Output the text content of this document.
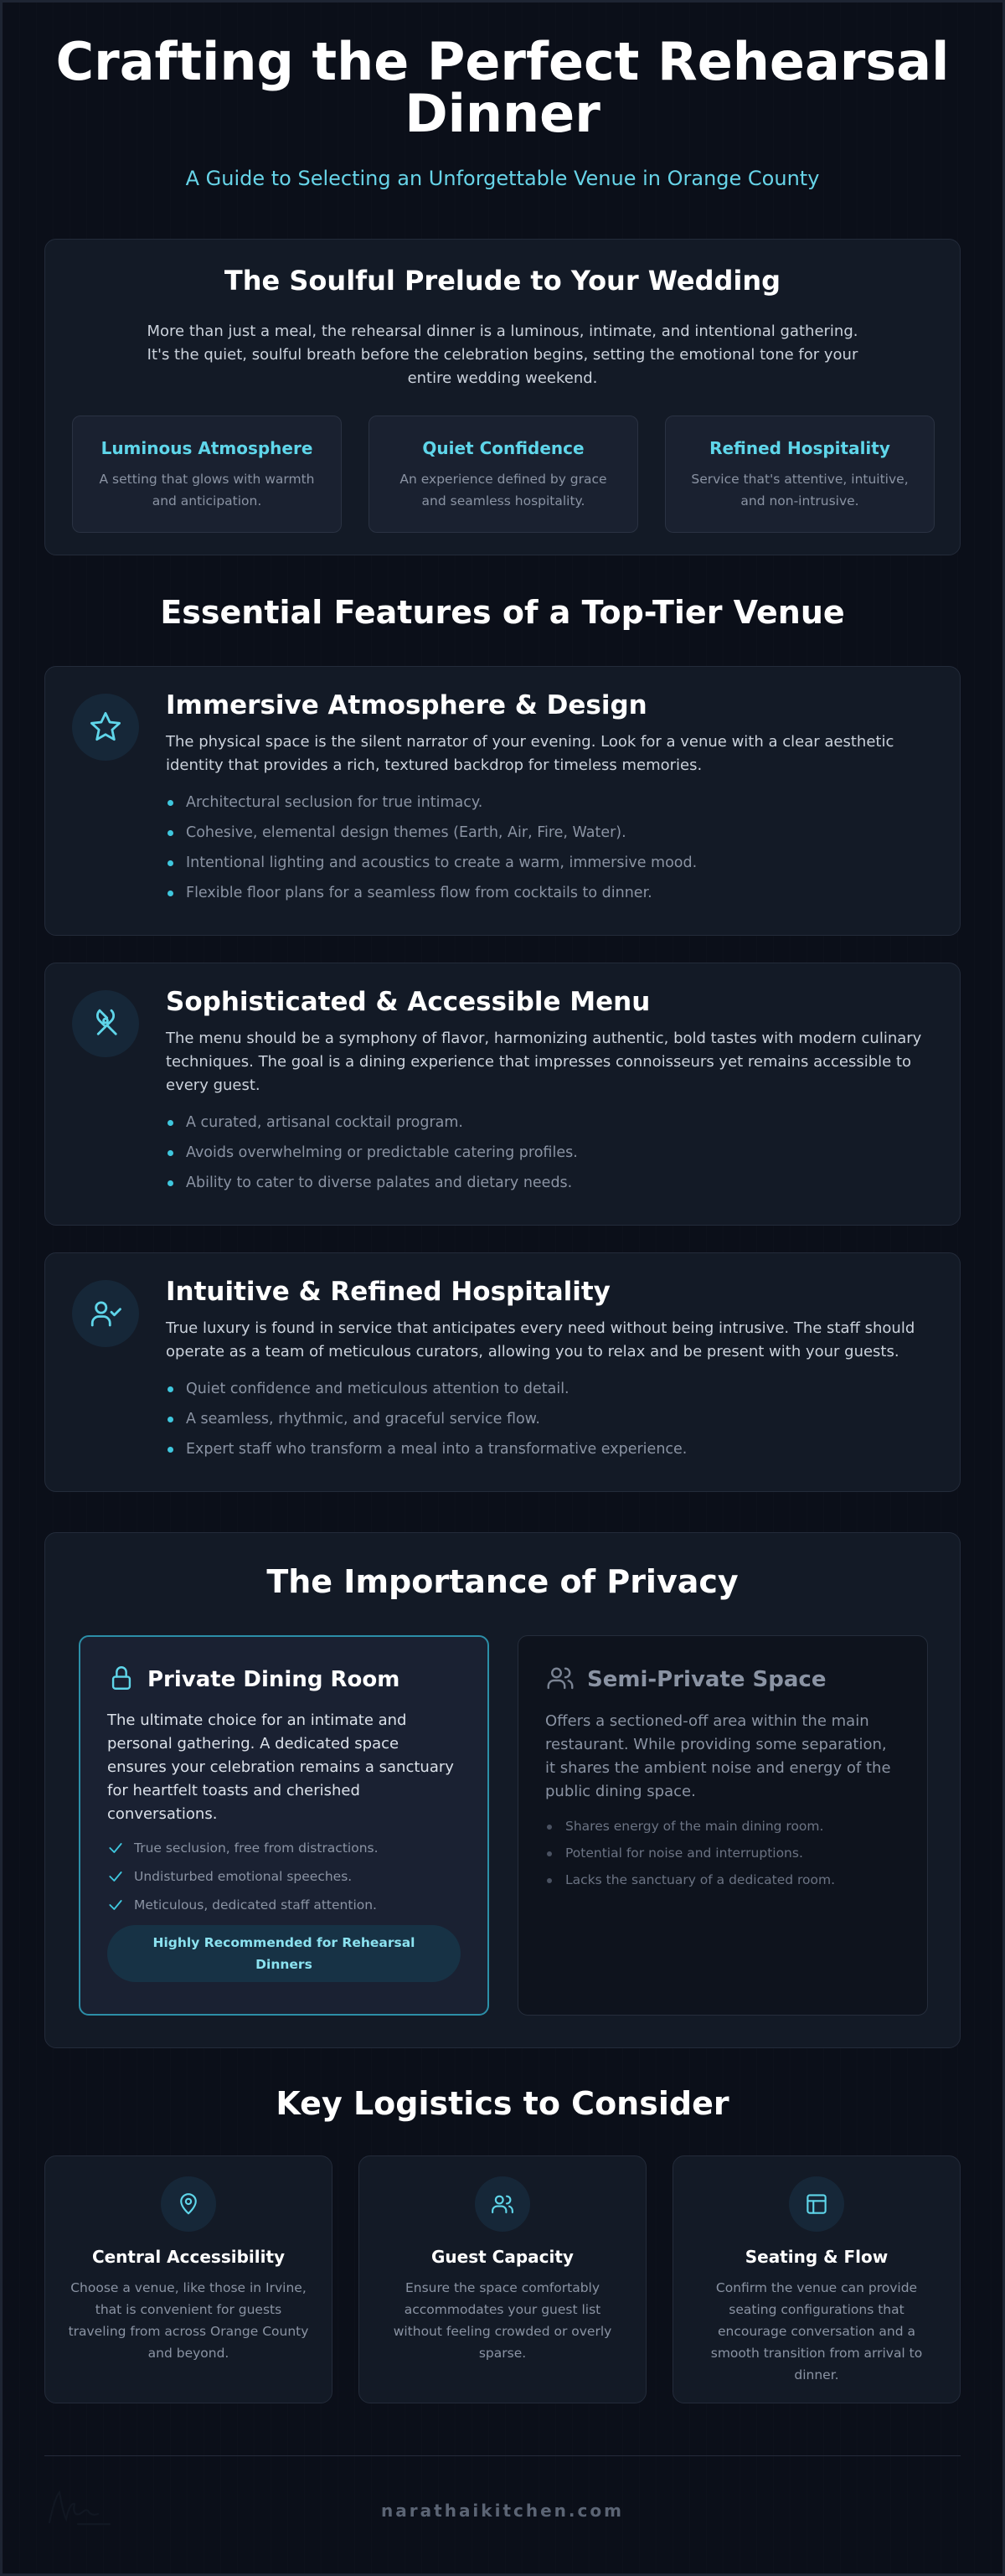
Crafting the Perfect Rehearsal Dinner
A Guide to Selecting an Unforgettable Venue in Orange County
The Soulful Prelude to Your Wedding

More than just a meal, the rehearsal dinner is a luminous, intimate, and intentional gathering. It's the quiet, soulful breath before the celebration begins, setting the emotional tone for your entire wedding weekend.

Luminous Atmosphere

A setting that glows with warmth and anticipation.

Quiet Confidence

An experience defined by grace and seamless hospitality.

Refined Hospitality

Service that's attentive, intuitive, and non-intrusive.

Essential Features of a Top-Tier Venue
Immersive Atmosphere & Design

The physical space is the silent narrator of your evening. Look for a venue with a clear aesthetic identity that provides a rich, textured backdrop for timeless memories.

Architectural seclusion for true intimacy.
Cohesive, elemental design themes (Earth, Air, Fire, Water).
Intentional lighting and acoustics to create a warm, immersive mood.
Flexible floor plans for a seamless flow from cocktails to dinner.
Sophisticated & Accessible Menu

The menu should be a symphony of flavor, harmonizing authentic, bold tastes with modern culinary techniques. The goal is a dining experience that impresses connoisseurs yet remains accessible to every guest.

A curated, artisanal cocktail program.
Avoids overwhelming or predictable catering profiles.
Ability to cater to diverse palates and dietary needs.
Intuitive & Refined Hospitality

True luxury is found in service that anticipates every need without being intrusive. The staff should operate as a team of meticulous curators, allowing you to relax and be present with your guests.

Quiet confidence and meticulous attention to detail.
A seamless, rhythmic, and graceful service flow.
Expert staff who transform a meal into a transformative experience.
The Importance of Privacy
Private Dining Room

The ultimate choice for an intimate and personal gathering. A dedicated space ensures your celebration remains a sanctuary for heartfelt toasts and cherished conversations.

True seclusion, free from distractions.
Undisturbed emotional speeches.
Meticulous, dedicated staff attention.
Highly Recommended for Rehearsal Dinners
Semi-Private Space

Offers a sectioned-off area within the main restaurant. While providing some separation, it shares the ambient noise and energy of the public dining space.

Shares energy of the main dining room.
Potential for noise and interruptions.
Lacks the sanctuary of a dedicated room.
Key Logistics to Consider
Central Accessibility

Choose a venue, like those in Irvine, that is convenient for guests traveling from across Orange County and beyond.

Guest Capacity

Ensure the space comfortably accommodates your guest list without feeling crowded or overly sparse.

Seating & Flow

Confirm the venue can provide seating configurations that encourage conversation and a smooth transition from arrival to dinner.

narathaikitchen.com
